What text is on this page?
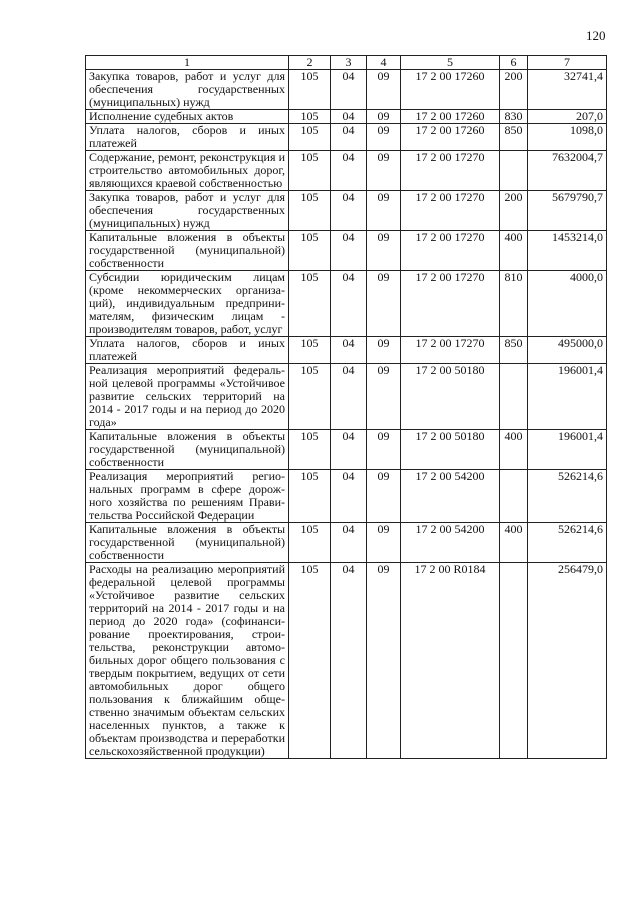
120
1	2	3	4	5	6	7
Закупка товаров, работ и услуг для обеспечения государственных (муниципальных) нужд	105	04	09	17 2 00 17260	200	32741,4
Исполнение судебных актов	105	04	09	17 2 00 17260	830	207,0
Уплата налогов, сборов и иных платежей	105	04	09	17 2 00 17260	850	1098,0
Содержание, ремонт, реконструкция и строительство автомобильных дорог, являющихся краевой собственностью	105	04	09	17 2 00 17270		7632004,7
Закупка товаров, работ и услуг для обеспечения государственных (муниципальных) нужд	105	04	09	17 2 00 17270	200	5679790,7
Капитальные вложения в объекты государственной (муниципальной) собственности	105	04	09	17 2 00 17270	400	1453214,0
Субсидии юридическим лицам (кроме некоммерческих организаций), индивидуальным предпринимателям, физическим лицам - производителям товаров, работ, услуг	105	04	09	17 2 00 17270	810	4000,0
Уплата налогов, сборов и иных платежей	105	04	09	17 2 00 17270	850	495000,0
Реализация мероприятий федеральной целевой программы «Устойчивое развитие сельских территорий на 2014 - 2017 годы и на период до 2020 года»	105	04	09	17 2 00 50180		196001,4
Капитальные вложения в объекты государственной (муниципальной) собственности	105	04	09	17 2 00 50180	400	196001,4
Реализация мероприятий региональных программ в сфере дорожного хозяйства по решениям Правительства Российской Федерации	105	04	09	17 2 00 54200		526214,6
Капитальные вложения в объекты государственной (муниципальной) собственности	105	04	09	17 2 00 54200	400	526214,6
Расходы на реализацию мероприятий федеральной целевой программы «Устойчивое развитие сельских территорий на 2014 - 2017 годы и на период до 2020 года» (софинансирование проектирования, строительства, реконструкции автомобильных дорог общего пользования с твердым покрытием, ведущих от сети автомобильных дорог общего пользования к ближайшим общественно значимым объектам сельских населенных пунктов, а также к объектам производства и переработки сельскохозяйственной продукции)	105	04	09	17 2 00 R0184		256479,0
